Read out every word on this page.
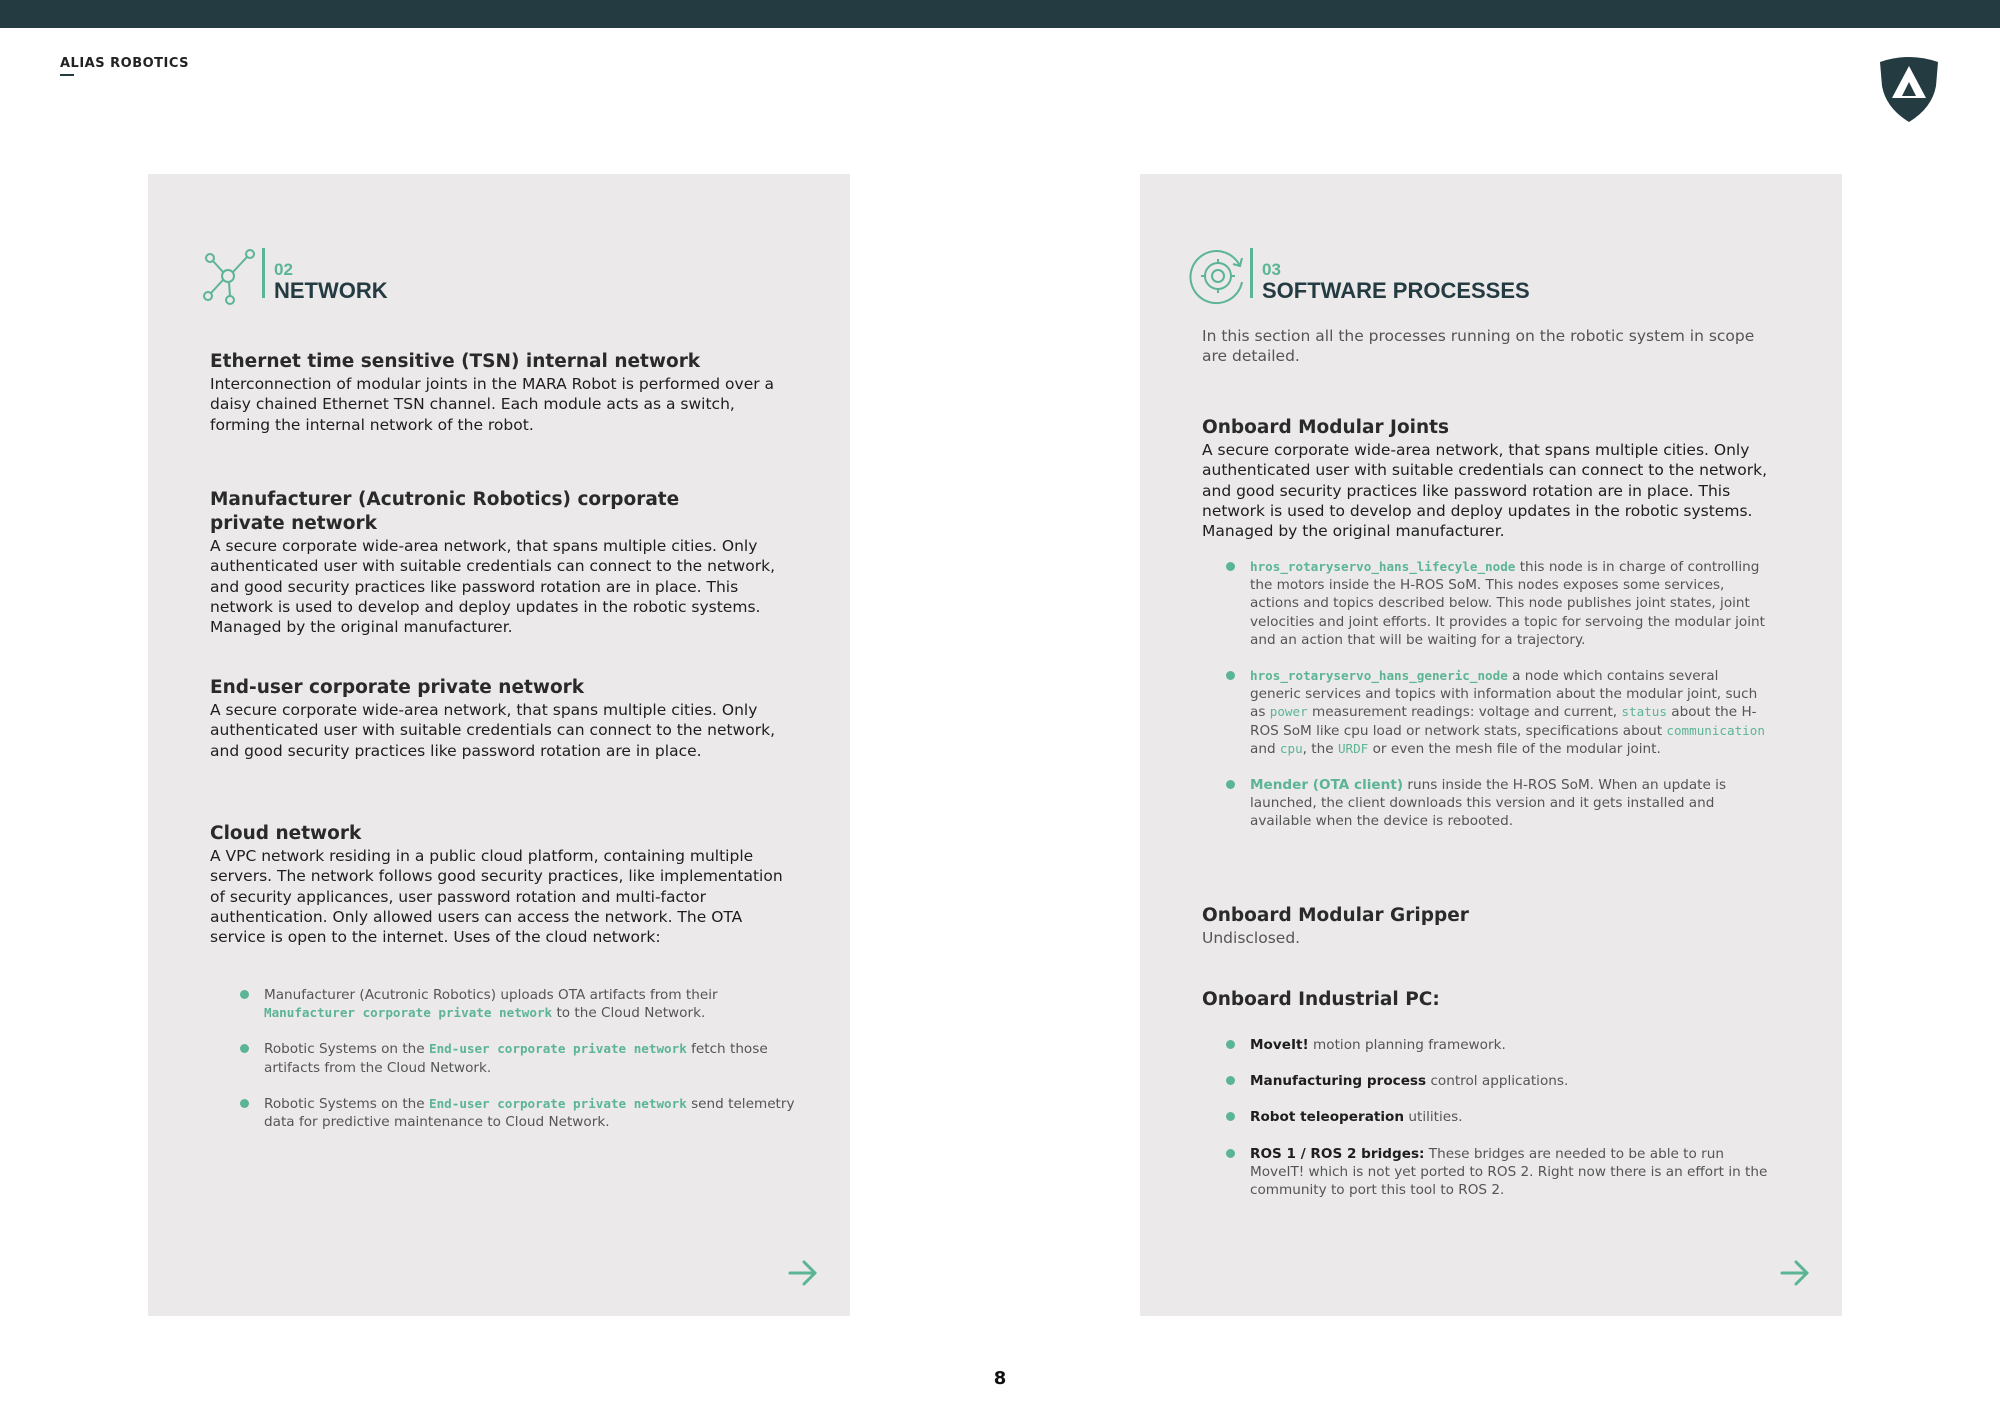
ALIAS ROBOTICS
02
NETWORK
Ethernet time sensitive (TSN) internal network

Interconnection of modular joints in the MARA Robot is performed over a daisy chained Ethernet TSN channel. Each module acts as a switch, forming the internal network of the robot.

Manufacturer (Acutronic Robotics) corporate private network

A secure corporate wide-area network, that spans multiple cities. Only authenticated user with suitable credentials can connect to the network, and good security practices like password rotation are in place. This network is used to develop and deploy updates in the robotic systems. Managed by the original manufacturer.

End-user corporate private network

A secure corporate wide-area network, that spans multiple cities. Only authenticated user with suitable credentials can connect to the network, and good security practices like password rotation are in place.

Cloud network

A VPC network residing in a public cloud platform, containing multiple servers. The network follows good security practices, like implementation of security applicances, user password rotation and multi-factor authentication. Only allowed users can access the network. The OTA service is open to the internet. Uses of the cloud network:

Manufacturer (Acutronic Robotics) uploads OTA artifacts from their Manufacturer corporate private network to the Cloud Network.
Robotic Systems on the End-user corporate private network fetch those artifacts from the Cloud Network.
Robotic Systems on the End-user corporate private network send telemetry data for predictive maintenance to Cloud Network.
03
SOFTWARE PROCESSES
In this section all the processes running on the robotic system in scope are detailed.
Onboard Modular Joints

A secure corporate wide-area network, that spans multiple cities. Only authenticated user with suitable credentials can connect to the network, and good security practices like password rotation are in place. This network is used to develop and deploy updates in the robotic systems. Managed by the original manufacturer.

hros_rotaryservo_hans_lifecyle_node this node is in charge of controlling the motors inside the H-ROS SoM. This nodes exposes some services, actions and topics described below. This node publishes joint states, joint velocities and joint efforts. It provides a topic for servoing the modular joint and an action that will be waiting for a trajectory.
hros_rotaryservo_hans_generic_node a node which contains several generic services and topics with information about the modular joint, such as power measurement readings: voltage and current, status about the H-ROS SoM like cpu load or network stats, specifications about communication and cpu, the URDF or even the mesh file of the modular joint.
Mender (OTA client) runs inside the H-ROS SoM. When an update is launched, the client downloads this version and it gets installed and available when the device is rebooted.
Onboard Modular Gripper

Undisclosed.

Onboard Industrial PC:
MoveIt! motion planning framework.
Manufacturing process control applications.
Robot teleoperation utilities.
ROS 1 / ROS 2 bridges: These bridges are needed to be able to run MoveIT! which is not yet ported to ROS 2. Right now there is an effort in the community to port this tool to ROS 2.
8
